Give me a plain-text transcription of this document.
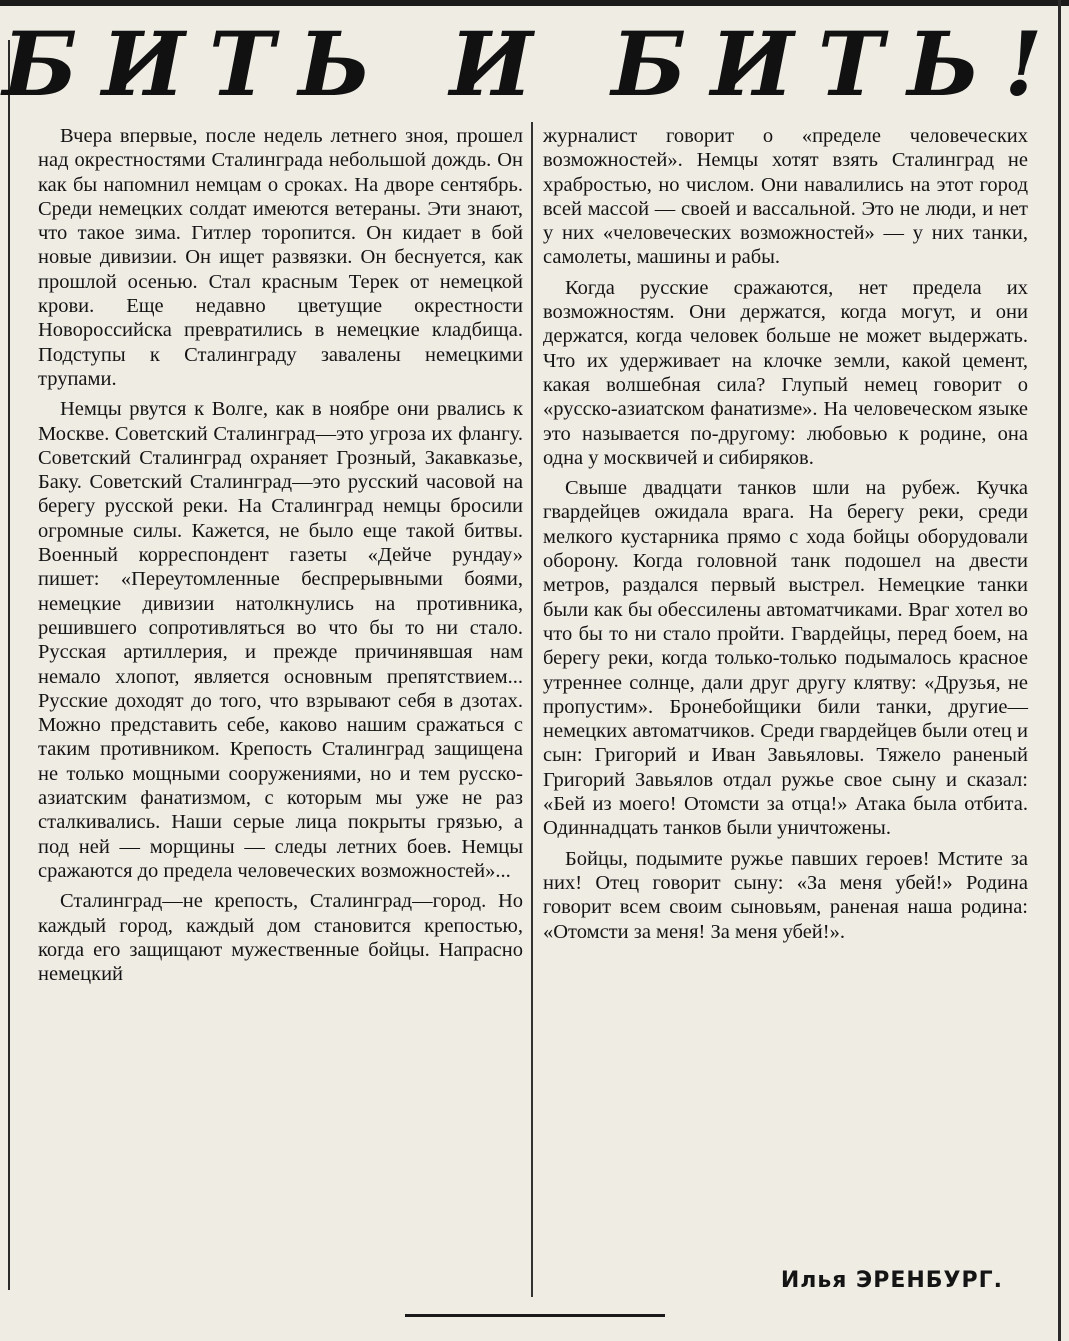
БИТЬ И БИТЬ!

Вчера впервые, после недель летнего зноя, прошел над окрестностями Сталинграда небольшой дождь. Он как бы напомнил немцам о сроках. На дворе сентябрь. Среди немецких солдат имеются ветераны. Эти знают, что такое зима. Гитлер торопится. Он кидает в бой новые дивизии. Он ищет развязки. Он беснуется, как прошлой осенью. Стал красным Терек от немецкой крови. Еще недавно цветущие окрестности Новороссийска превратились в немецкие кладбища. Подступы к Сталинграду завалены немецкими трупами.

Немцы рвутся к Волге, как в ноябре они рвались к Москве. Советский Сталинград—это угроза их флангу. Советский Сталинград охраняет Грозный, Закавказье, Баку. Советский Сталинград—это русский часовой на берегу русской реки. На Сталинград немцы бросили огромные силы. Кажется, не было еще такой битвы. Военный корреспондент газеты «Дейче рундау» пишет: «Переутомленные беспрерывными боями, немецкие дивизии натолкнулись на противника, решившего сопротивляться во что бы то ни стало. Русская артиллерия, и прежде причинявшая нам немало хлопот, является основным препятствием... Русские доходят до того, что взрывают себя в дзотах. Можно представить себе, каково нашим сражаться с таким противником. Крепость Сталинград защищена не только мощными сооружениями, но и тем русско-азиатским фанатизмом, с которым мы уже не раз сталкивались. Наши серые лица покрыты грязью, а под ней — морщины — следы летних боев. Немцы сражаются до предела человеческих возможностей»...

Сталинград—не крепость, Сталинград—город. Но каждый город, каждый дом становится крепостью, когда его защищают мужественные бойцы. Напрасно немецкий

журналист говорит о «пределе человеческих возможностей». Немцы хотят взять Сталинград не храбростью, но числом. Они навалились на этот город всей массой — своей и вассальной. Это не люди, и нет у них «человеческих возможностей» — у них танки, самолеты, машины и рабы.

Когда русские сражаются, нет предела их возможностям. Они держатся, когда могут, и они держатся, когда человек больше не может выдержать. Что их удерживает на клочке земли, какой цемент, какая волшебная сила? Глупый немец говорит о «русско-азиатском фанатизме». На человеческом языке это называется по-другому: любовью к родине, она одна у москвичей и сибиряков.

Свыше двадцати танков шли на рубеж. Кучка гвардейцев ожидала врага. На берегу реки, среди мелкого кустарника прямо с хода бойцы оборудовали оборону. Когда головной танк подошел на двести метров, раздался первый выстрел. Немецкие танки были как бы обессилены автоматчиками. Враг хотел во что бы то ни стало пройти. Гвардейцы, перед боем, на берегу реки, когда только-только подымалось красное утреннее солнце, дали друг другу клятву: «Друзья, не пропустим». Бронебойщики били танки, другие—немецких автоматчиков. Среди гвардейцев были отец и сын: Григорий и Иван Завьяловы. Тяжело раненый Григорий Завьялов отдал ружье свое сыну и сказал: «Бей из моего! Отомсти за отца!» Атака была отбита. Одиннадцать танков были уничтожены.

Бойцы, подымите ружье павших героев! Мстите за них! Отец говорит сыну: «За меня убей!» Родина говорит всем своим сыновьям, раненая наша родина: «Отомсти за меня! За меня убей!».

Илья ЭРЕНБУРГ.
